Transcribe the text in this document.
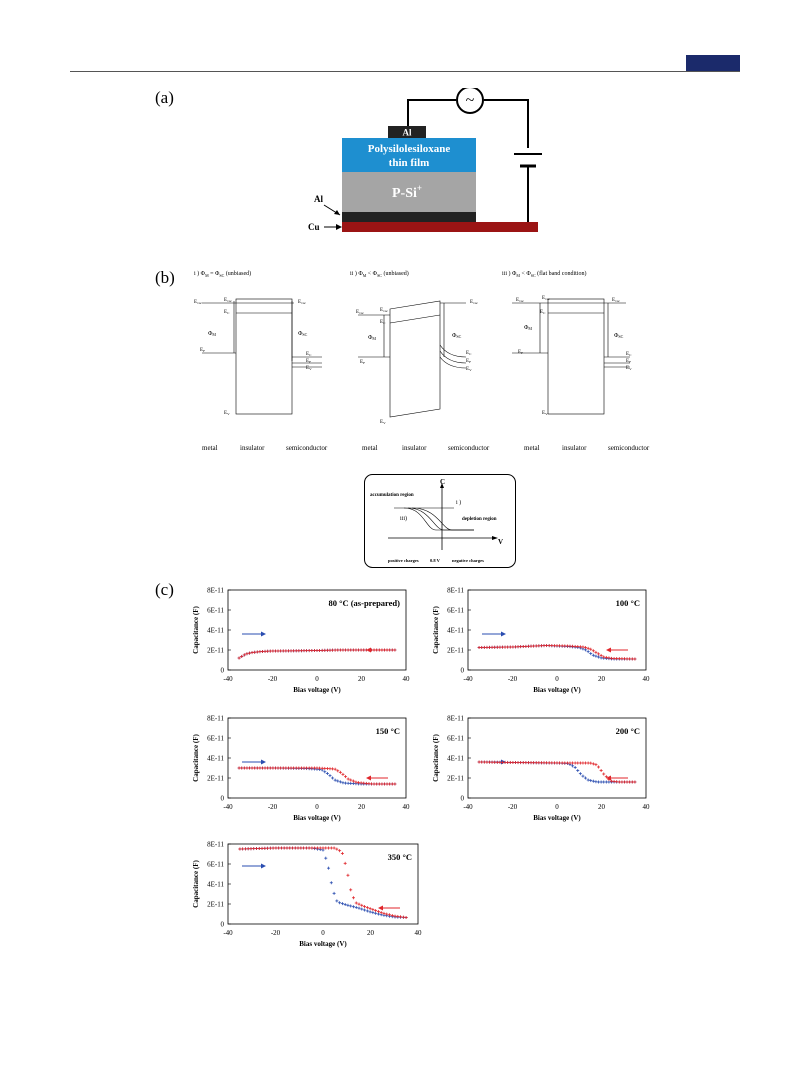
(a)
(b)
(c)
~
Al
Polysilolesiloxane
thin film
P-Si+
Al
Cu
i ) $\Phi_M = \Phi_{SC}$ (unbiased)	ii ) $\Phi_M < \Phi_{SC}$ (unbiased)	iii ) $\Phi_M < \Phi_{SC}$ (flat band condition)
$E_{vac}$	$E_{vac}$
$E_C$
$E_{vac}$
ΦM	ΦSC
$E_F$
$E_C$
$E_F$
$E_V$
$E_V$
$E_{vac}$	$E_{vac}$
$E_C$
$E_{vac}$
ΦM	ΦSC
$E_F$
$E_C$
$E_F$
$E_V$
$E_V$
$E_{vac}$	$E_{vac}$
$E_C$
$E_{vac}$
ΦM
ΦSC
$E_F$	$E_C$
$E_F$
$E_V$
$E_V$
metal	insulator	semiconductor	metal	insulator	semiconductor	metal	insulator	semiconductor
C
V
accumulation region
depletion region
i )
iii)
positive charges	0.8 V	negative charges
0
2E-11
4E-11
6E-11
8E-11
-40	-20	0	20	40
Bias voltage (V)
Capacitance (F)
80 °C (as-prepared)
0
2E-11
4E-11
6E-11
8E-11
-40	-20	0	20	40
Bias voltage (V)
Capacitance (F)
100 °C
0
2E-11
4E-11
6E-11
8E-11
-40	-20	0	20	40
Bias voltage (V)
Capacitance (F)
150 °C
0
2E-11
4E-11
6E-11
8E-11
-40	-20	0	20	40
Bias voltage (V)
Capacitance (F)
200 °C
0
2E-11
4E-11
6E-11
8E-11
-40	-20	0	20	40
Bias voltage (V)
Capacitance (F)
350 °C
